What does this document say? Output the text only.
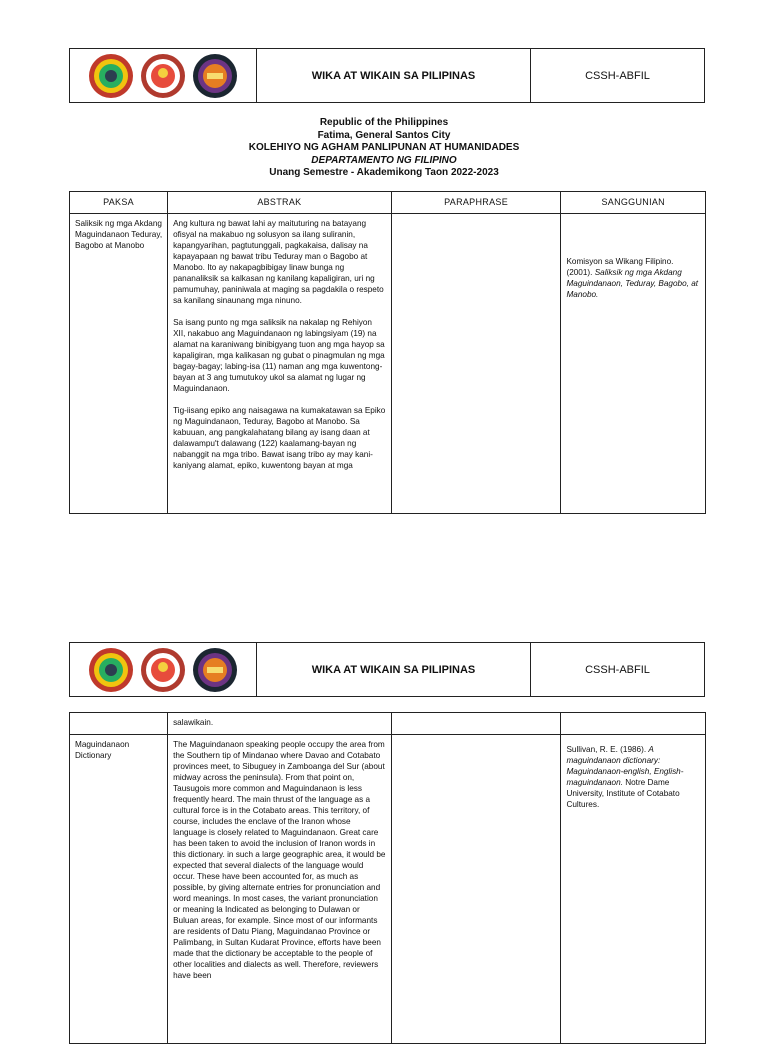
WIKA AT WIKAIN SA PILIPINAS	CSSH-ABFIL
Republic of the Philippines
Fatima, General Santos City
KOLEHIYO NG AGHAM PANLIPUNAN AT HUMANIDADES
DEPARTAMENTO NG FILIPINO
Unang Semestre - Akademikong Taon 2022-2023
PAKSA	ABSTRAK	PARAPHRASE	SANGGUNIAN
Saliksik ng mga Akdang Maguindanaon Teduray, Bagobo at Manobo	Ang kultura ng bawat lahi ay maituturing na batayang ofisyal na makabuo ng solusyon sa ilang suliranin, kapangyarihan, pagtutunggali, pagkakaisa, dalisay na kapayapaan ng bawat tribu Teduray man o Bagobo at Manobo. Ito ay nakapagbibigay linaw bunga ng pananaliksik sa kalkasan ng kanilang kapaligiran, uri ng pamumuhay, paniniwala at maging sa pagdakila o respeto sa kanilang sinaunang mga ninuno.

Sa isang punto ng mga saliksik na nakalap ng Rehiyon XII, nakabuo ang Maguindanaon ng labingsiyam (19) na alamat na karaniwang binibigyang tuon ang mga hayop sa kapaligiran, mga kalikasan ng gubat o pinagmulan ng mga bagay-bagay; labing-isa (11) naman ang mga kuwentong-bayan at 3 ang tumutukoy ukol sa alamat ng lugar ng Maguindanaon.

Tig-iisang epiko ang naisagawa na kumakatawan sa Epiko ng Maguindanaon, Teduray, Bagobo at Manobo. Sa kabuuan, ang pangkalahatang bilang ay isang daan at dalawampu't dalawang (122) kaalamang-bayan ng nabanggit na mga tribo. Bawat isang tribo ay may kani-kaniyang alamat, epiko, kuwentong bayan at mga		Komisyon sa Wikang Filipino. (2001). Saliksik ng mga Akdang Maguindanaon, Teduray, Bagobo, at Manobo.
WIKA AT WIKAIN SA PILIPINAS	CSSH-ABFIL
	salawikain.		
Maguindanaon Dictionary	The Maguindanaon speaking people occupy the area from the Southern tip of Mindanao where Davao and Cotabato provinces meet, to Sibuguey in Zamboanga del Sur (about midway across the peninsula). From that point on, Tausugois more common and Maguindanaon is less frequently heard. The main thrust of the language as a cultural force is in the Cotabato areas. This territory, of course, includes the enclave of the Iranon whose language is closely related to Maguindanaon. Great care has been taken to avoid the inclusion of Iranon words in this dictionary. in such a large geographic area, it would be expected that several dialects of the language would occur. These have been accounted for, as much as possible, by giving alternate entries for pronunciation and word meanings. In most cases, the variant pronunciation or meaning la Indicated as belonging to Dulawan or Buluan areas, for example. Since most of our informants are residents of Datu Piang, Maguindanao Province or Palimbang, in Sultan Kudarat Province, efforts have been made that the dictionary be acceptable to the people of other localities and dialects as well. Therefore, reviewers have been		Sullivan, R. E. (1986). A maguindanaon dictionary: Maguindanaon-english, English-maguindanaon. Notre Dame University, Institute of Cotabato Cultures.
